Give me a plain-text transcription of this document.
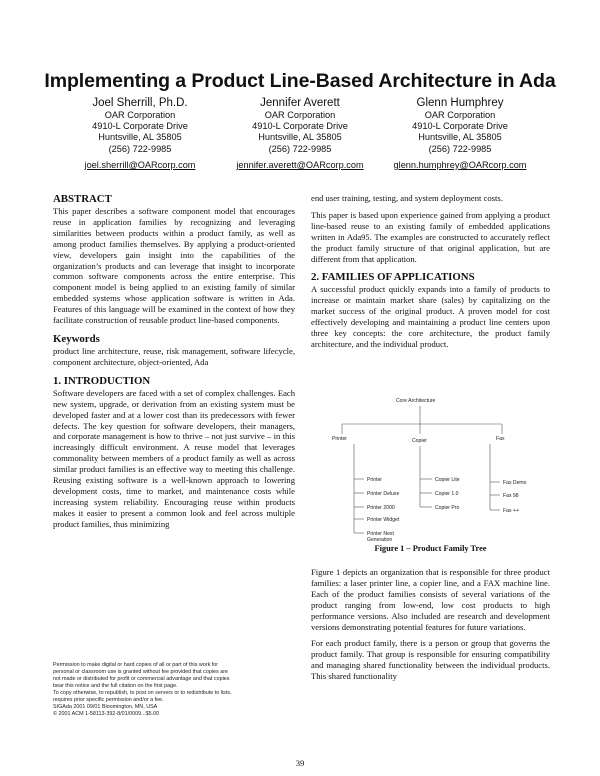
Implementing a Product Line-Based Architecture in Ada
Joel Sherrill, Ph.D.
OAR Corporation
4910-L Corporate Drive
Huntsville, AL 35805
(256) 722-9985
joel.sherrill@OARcorp.com
Jennifer Averett
OAR Corporation
4910-L Corporate Drive
Huntsville, AL 35805
(256) 722-9985
jennifer.averett@OARcorp.com
Glenn Humphrey
OAR Corporation
4910-L Corporate Drive
Huntsville, AL 35805
(256) 722-9985
glenn.humphrey@OARcorp.com

ABSTRACT

This paper describes a software component model that encourages reuse in application families by recognizing and leveraging similarities between products within a product family, as well as among product families themselves. By applying a product-oriented view, developers gain insight into the capabilities of the organization’s products and can leverage that insight to incorporate common software components across the entire enterprise. This component model is being applied to an existing family of similar embedded systems whose application software is written in Ada. Features of this language will be examined in the context of how they facilitate construction of reusable product line-based components.

Keywords

product line architecture, reuse, risk management, software lifecycle, component architecture, object-oriented, Ada

1. INTRODUCTION

Software developers are faced with a set of complex challenges. Each new system, upgrade, or derivation from an existing system must be developed faster and at a lower cost than its predecessors with fewer defects. The key question for software developers, their managers, and corporate management is how to thrive – not just survive – in this increasingly difficult environment. A reuse model that leverages commonality between members of a product family as well as across similar product families is an effective way to meeting this challenge. Reusing existing software is a well-known approach to lowering development costs, time to market, and maintenance costs while increasing system reliability. Encouraging reuse within products makes it easier to present a common look and feel across multiple product families, thus minimizing

Permission to make digital or hard copies of all or part of this work for
personal or classroom use is granted without fee provided that copies are
not made or distributed for profit or commercial advantage and that copies
bear this notice and the full citation on the first page.
To copy otherwise, to republish, to post on servers or to redistribute to lists,
requires prior specific permission and/or a fee.
SIGAda 2001 09/01 Bloomington, MN, USA
© 2001 ACM 1-58113-392-8/01/0009...$5.00

end user training, testing, and system deployment costs.

This paper is based upon experience gained from applying a product line-based reuse to an existing family of embedded applications written in Ada95. The examples are constructed to accurately reflect the product family structure of that original application, but are different from that application.

2. FAMILIES OF APPLICATIONS

A successful product quickly expands into a family of products to increase or maintain market share (sales) by capitalizing on the market success of the original product. A proven model for cost effectively developing and maintaining a product line centers upon three key concepts: the core architecture, the product family architecture, and the individual product.

Core Architecture
Printer	Copier	Fax
Printer
Printer Deluxe
Printer 2000
Printer Widget
Printer Next
Generation
Copier Lite
Copier 1.0
Copier Pro
Fax Demo
Fax 98
Fax ++
Figure 1 – Product Family Tree

Figure 1 depicts an organization that is responsible for three product families: a laser printer line, a copier line, and a FAX machine line. Each of the product families consists of several variations of the product ranging from low-end, low cost products to high performance versions. Also included are research and development versions demonstrating potential features for future variations.

For each product family, there is a person or group that governs the product family. That group is responsible for ensuring compatibility and managing shared functionality between the individual products. This shared functionality

39
